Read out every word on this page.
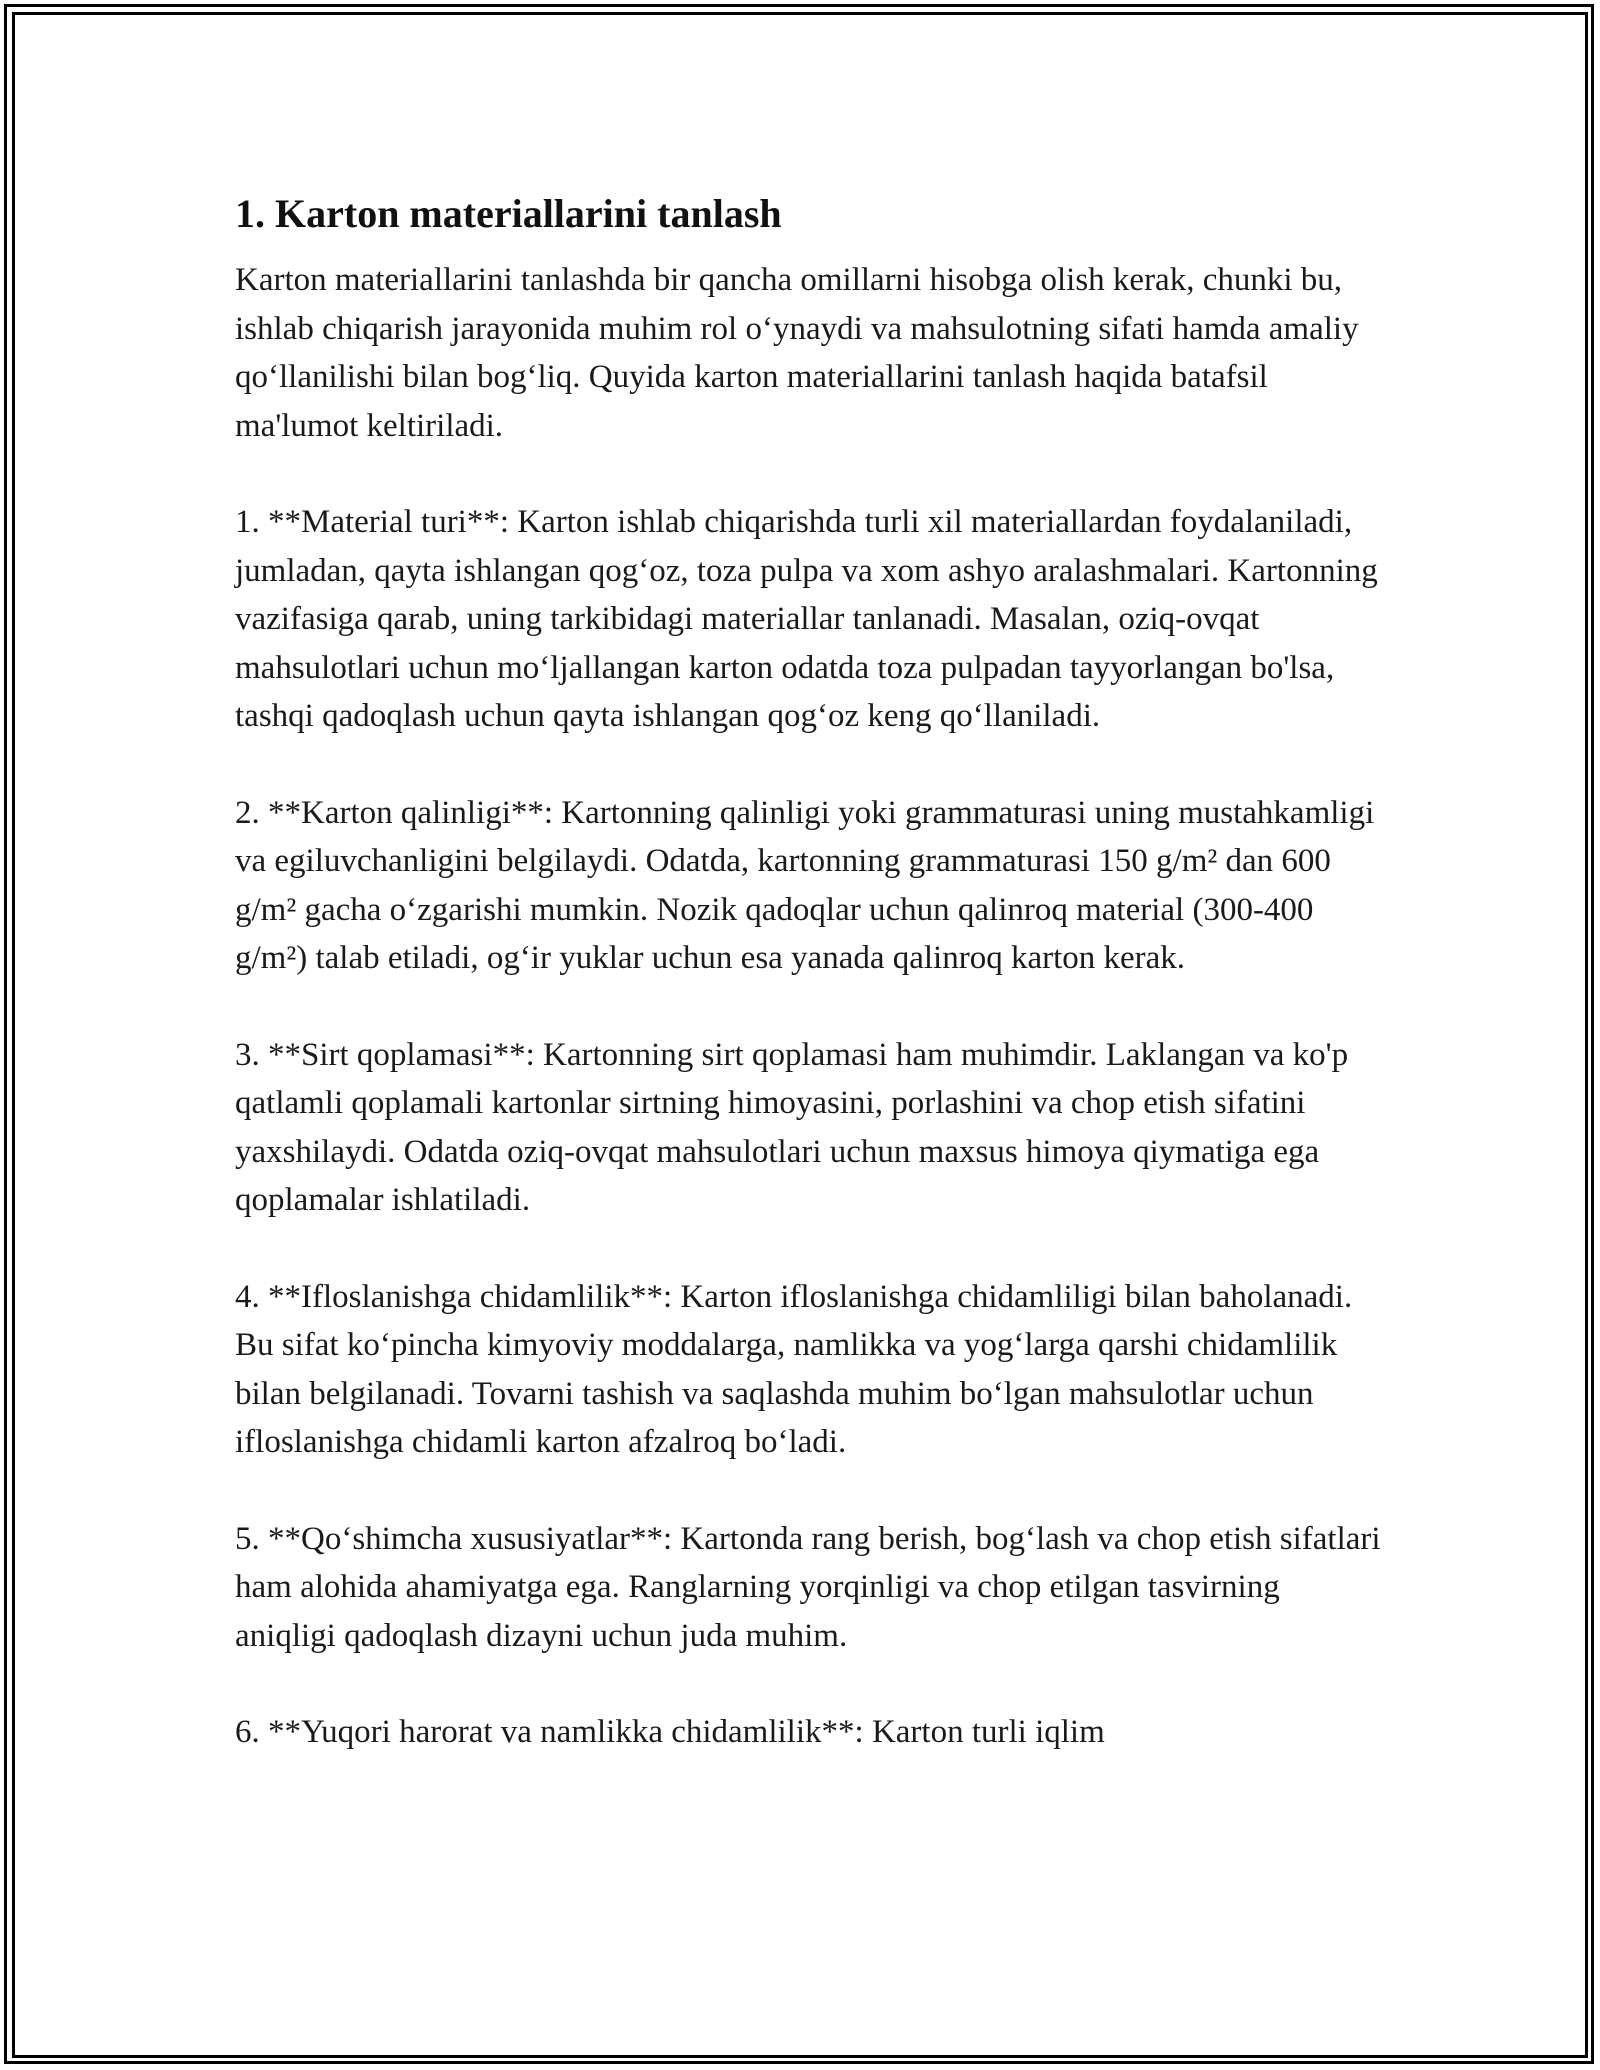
1. Karton materiallarini tanlash

Karton materiallarini tanlashda bir qancha omillarni hisobga olish kerak, chunki bu, ishlab chiqarish jarayonida muhim rol o‘ynaydi va mahsulotning sifati hamda amaliy qo‘llanilishi bilan bog‘liq. Quyida karton materiallarini tanlash haqida batafsil ma'lumot keltiriladi.

1. **Material turi**: Karton ishlab chiqarishda turli xil materiallardan foydalaniladi, jumladan, qayta ishlangan qog‘oz, toza pulpa va xom ashyo aralashmalari. Kartonning vazifasiga qarab, uning tarkibidagi materiallar tanlanadi. Masalan, oziq-ovqat mahsulotlari uchun mo‘ljallangan karton odatda toza pulpadan tayyorlangan bo'lsa, tashqi qadoqlash uchun qayta ishlangan qog‘oz keng qo‘llaniladi.

2. **Karton qalinligi**: Kartonning qalinligi yoki grammaturasi uning mustahkamligi va egiluvchanligini belgilaydi. Odatda, kartonning grammaturasi 150 g/m² dan 600 g/m² gacha o‘zgarishi mumkin. Nozik qadoqlar uchun qalinroq material (300-400 g/m²) talab etiladi, og‘ir yuklar uchun esa yanada qalinroq karton kerak.

3. **Sirt qoplamasi**: Kartonning sirt qoplamasi ham muhimdir. Laklangan va ko'p qatlamli qoplamali kartonlar sirtning himoyasini, porlashini va chop etish sifatini yaxshilaydi. Odatda oziq-ovqat mahsulotlari uchun maxsus himoya qiymatiga ega qoplamalar ishlatiladi.

4. **Ifloslanishga chidamlilik**: Karton ifloslanishga chidamliligi bilan baholanadi. Bu sifat ko‘pincha kimyoviy moddalarga, namlikka va yog‘larga qarshi chidamlilik bilan belgilanadi. Tovarni tashish va saqlashda muhim bo‘lgan mahsulotlar uchun ifloslanishga chidamli karton afzalroq bo‘ladi.

5. **Qo‘shimcha xususiyatlar**: Kartonda rang berish, bog‘lash va chop etish sifatlari ham alohida ahamiyatga ega. Ranglarning yorqinligi va chop etilgan tasvirning aniqligi qadoqlash dizayni uchun juda muhim.

6. **Yuqori harorat va namlikka chidamlilik**: Karton turli iqlim
